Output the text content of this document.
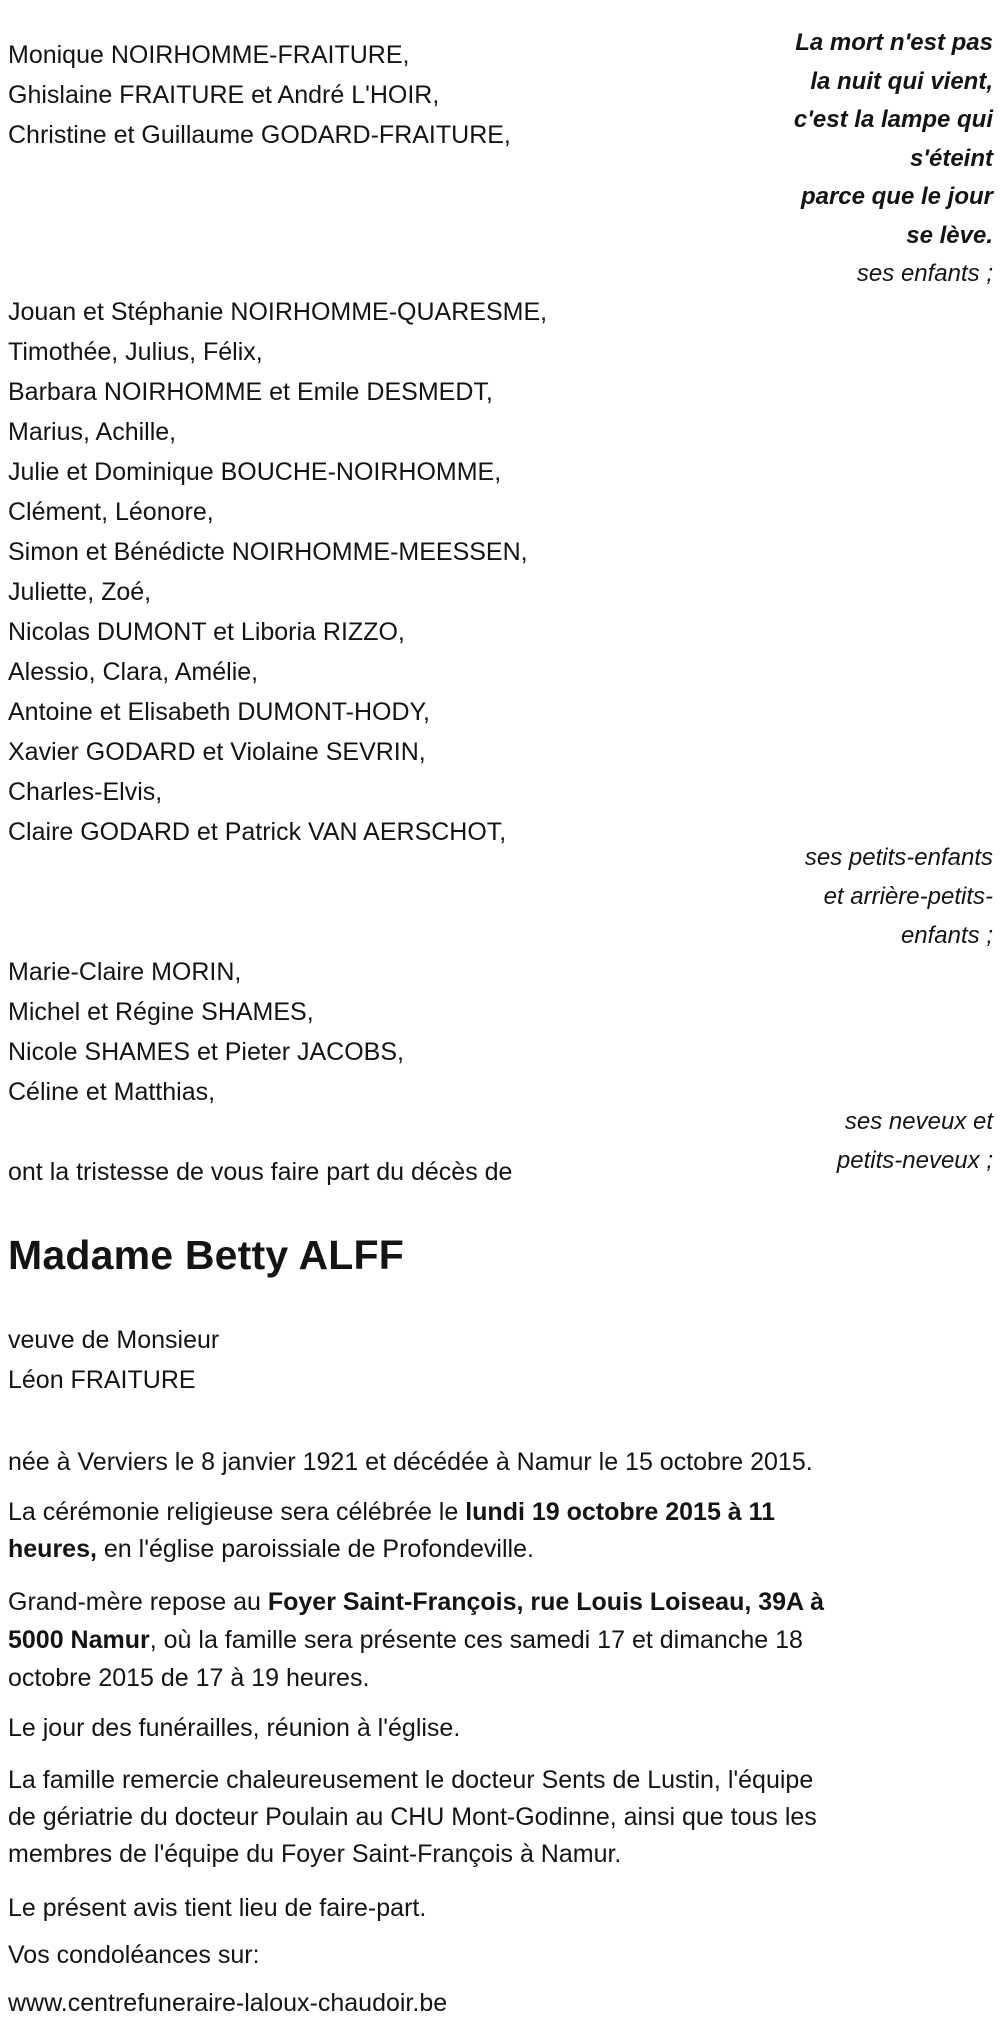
Monique NOIRHOMME-FRAITURE,
Ghislaine FRAITURE et André L'HOIR,
Christine et Guillaume GODARD-FRAITURE,
La mort n'est pas
la nuit qui vient,
c'est la lampe qui
s'éteint
parce que le jour
se lève.
ses enfants ;
Jouan et Stéphanie NOIRHOMME-QUARESME,
Timothée, Julius, Félix,
Barbara NOIRHOMME et Emile DESMEDT,
Marius, Achille,
Julie et Dominique BOUCHE-NOIRHOMME,
Clément, Léonore,
Simon et Bénédicte NOIRHOMME-MEESSEN,
Juliette, Zoé,
Nicolas DUMONT et Liboria RIZZO,
Alessio, Clara, Amélie,
Antoine et Elisabeth DUMONT-HODY,
Xavier GODARD et Violaine SEVRIN,
Charles-Elvis,
Claire GODARD et Patrick VAN AERSCHOT,
ses petits-enfants
et arrière-petits-
enfants ;
Marie-Claire MORIN,
Michel et Régine SHAMES,
Nicole SHAMES et Pieter JACOBS,
Céline et Matthias,
ses neveux et
petits-neveux ;
ont la tristesse de vous faire part du décès de
Madame Betty ALFF
veuve de Monsieur
Léon FRAITURE
née à Verviers le 8 janvier 1921 et décédée à Namur le 15 octobre 2015.
La cérémonie religieuse sera célébrée le lundi 19 octobre 2015 à 11
heures, en l'église paroissiale de Profondeville.
Grand-mère repose au Foyer Saint-François, rue Louis Loiseau, 39A à
5000 Namur, où la famille sera présente ces samedi 17 et dimanche 18
octobre 2015 de 17 à 19 heures.
Le jour des funérailles, réunion à l'église.
La famille remercie chaleureusement le docteur Sents de Lustin, l'équipe
de gériatrie du docteur Poulain au CHU Mont-Godinne, ainsi que tous les
membres de l'équipe du Foyer Saint-François à Namur.
Le présent avis tient lieu de faire-part.
Vos condoléances sur:
www.centrefuneraire-laloux-chaudoir.be
